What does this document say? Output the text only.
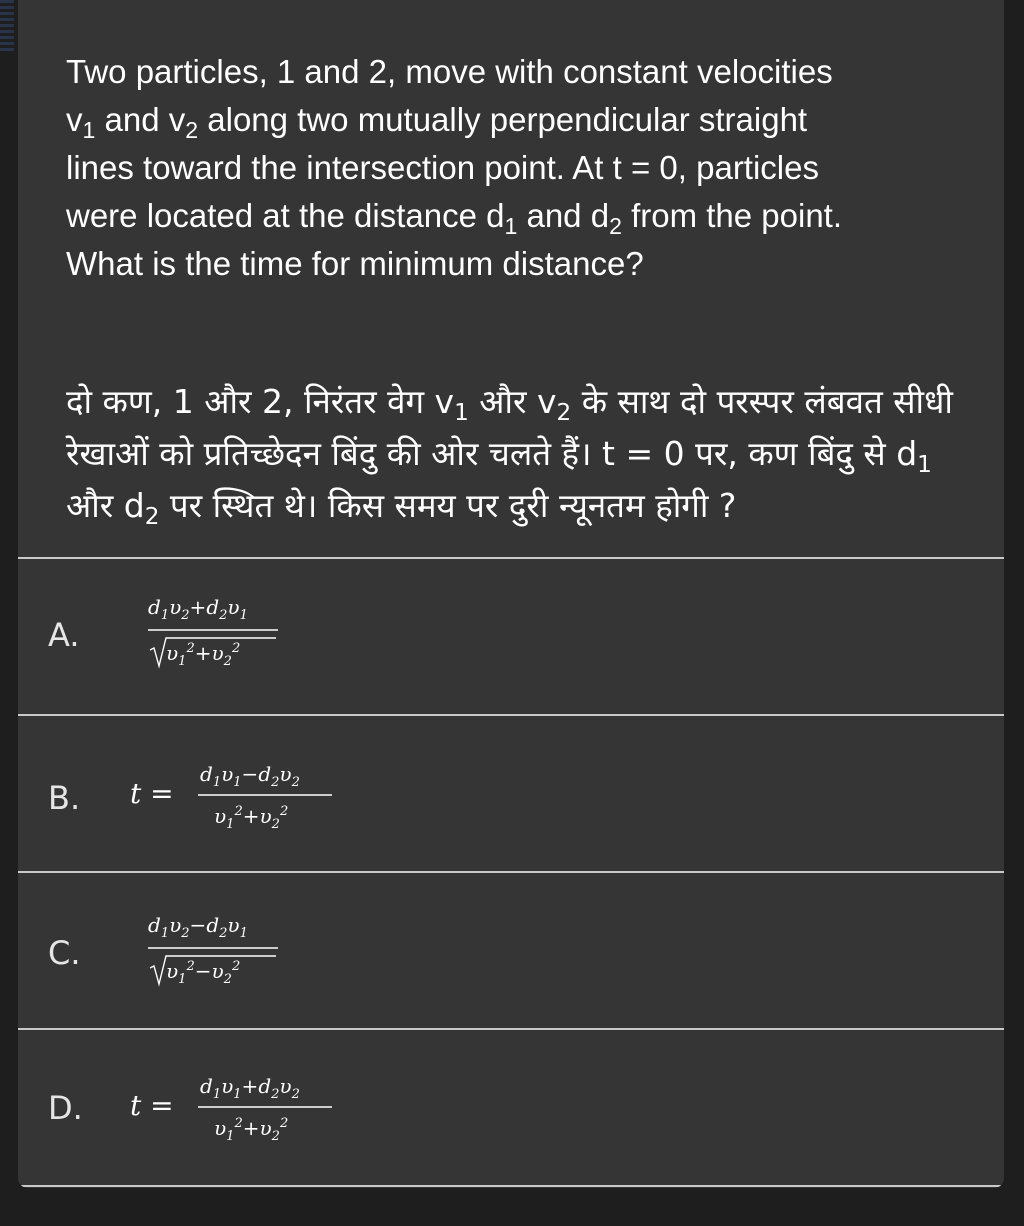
Two particles, 1 and 2, move with constant velocities
$v_1$ and $v_2$ along two mutually perpendicular straight
lines toward the intersection point. At t = 0, particles
were located at the distance $d_1$ and $d_2$ from the point.
What is the time for minimum distance?

दो कण, 1 और 2, निरंतर वेग $v_1$ और $v_2$ के साथ दो परस्पर लंबवत सीधी रेखाओं को प्रतिच्छेदन बिंदु की ओर चलते हैं। t = 0 पर, कण बिंदु से $d_1$ और $d_2$ पर स्थित थे। किस समय पर दुरी न्यूनतम होगी ?

A.
$d_1\upsilon_2+d_2\upsilon_1$
$\upsilon_1^2+\upsilon_2^2$
B. t =
$d_1\upsilon_1-d_2\upsilon_2$
$\upsilon_1^2+\upsilon_2^2$
C.
$d_1\upsilon_2-d_2\upsilon_1$
$\upsilon_1^2-\upsilon_2^2$
D. t =
$d_1\upsilon_1+d_2\upsilon_2$
$\upsilon_1^2+\upsilon_2^2$
